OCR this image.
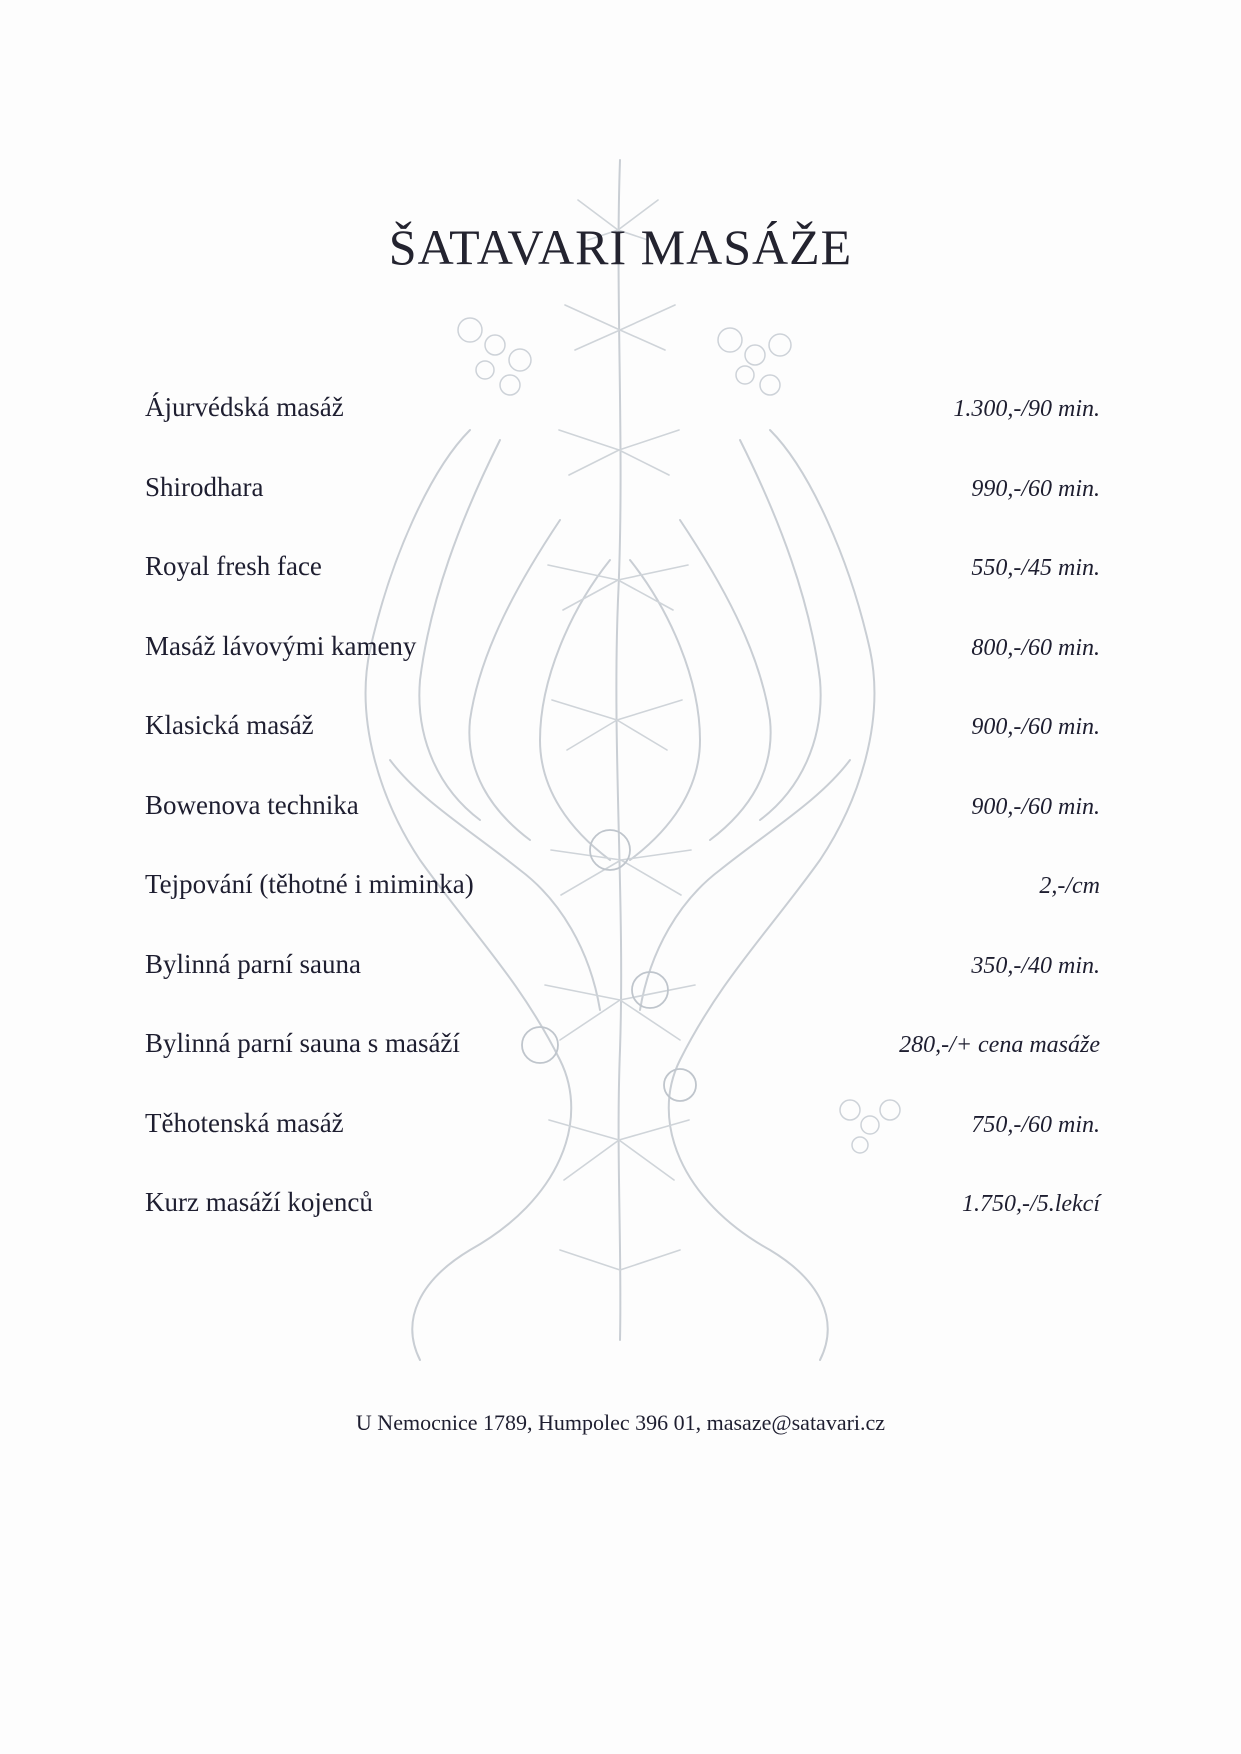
ŠATAVARI MASÁŽE
Ájurvédská masáž	1.300,-/90 min.
Shirodhara	990,-/60 min.
Royal fresh face	550,-/45 min.
Masáž lávovými kameny	800,-/60 min.
Klasická masáž	900,-/60 min.
Bowenova technika	900,-/60 min.
Tejpování (těhotné i miminka)	2,-/cm
Bylinná parní sauna	350,-/40 min.
Bylinná parní sauna s masáží	280,-/+ cena masáže
Těhotenská masáž	750,-/60 min.
Kurz masáží kojenců	1.750,-/5.lekcí
U Nemocnice 1789, Humpolec 396 01, masaze@satavari.cz
